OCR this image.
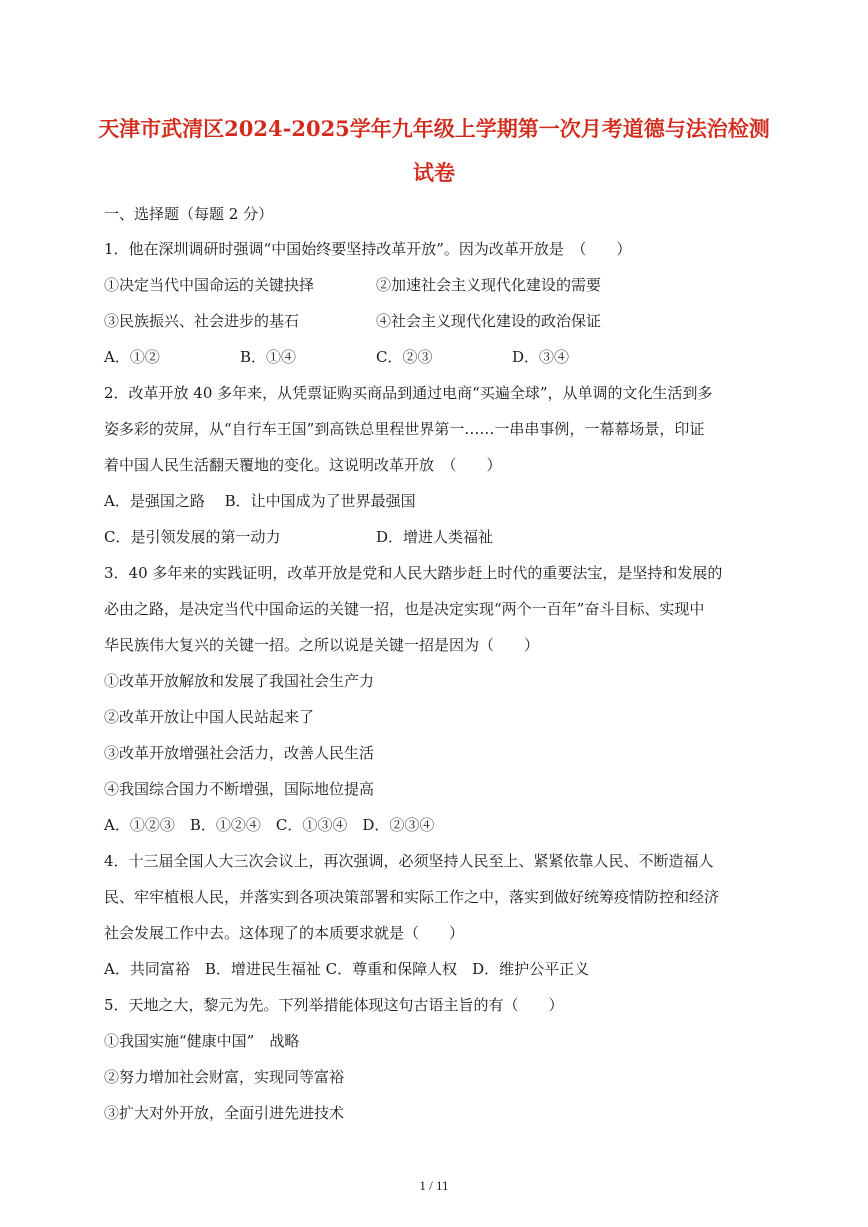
天津市武清区2024-2025学年九年级上学期第一次月考道德与法治检测
试卷
一、选择题（每题 2 分）
1．他在深圳调研时强调“中国始终要坚持改革开放”。因为改革开放是　（　　）
①决定当代中国命运的关键抉择	②加速社会主义现代化建设的需要
③民族振兴、社会进步的基石	④社会主义现代化建设的政治保证
A．①②	B．①④	C．②③	D．③④
2．改革开放 40 多年来，从凭票证购买商品到通过电商“买遍全球”，从单调的文化生活到多
姿多彩的荧屏，从“自行车王国”到高铁总里程世界第一……一串串事例，一幕幕场景，印证
着中国人民生活翻天覆地的变化。这说明改革开放　（　　）
A．是强国之路　 B．让中国成为了世界最强国
C．是引领发展的第一动力	D．增进人类福祉
3．40 多年来的实践证明，改革开放是党和人民大踏步赶上时代的重要法宝，是坚持和发展的
必由之路，是决定当代中国命运的关键一招，也是决定实现“两个一百年”奋斗目标、实现中
华民族伟大复兴的关键一招。之所以说是关键一招是因为（　　）
①改革开放解放和发展了我国社会生产力
②改革开放让中国人民站起来了
③改革开放增强社会活力，改善人民生活
④我国综合国力不断增强，国际地位提高
A．①②③　B．①②④　C．①③④　D．②③④
4．十三届全国人大三次会议上，再次强调，必须坚持人民至上、紧紧依靠人民、不断造福人
民、牢牢植根人民，并落实到各项决策部署和实际工作之中，落实到做好统筹疫情防控和经济
社会发展工作中去。这体现了的本质要求就是（　　）
A．共同富裕　B．增进民生福祉 C．尊重和保障人权　D．维护公平正义
5．天地之大，黎元为先。下列举措能体现这句古语主旨的有（　　）
①我国实施“健康中国”　战略
②努力增加社会财富，实现同等富裕
③扩大对外开放，全面引进先进技术
1 / 11
